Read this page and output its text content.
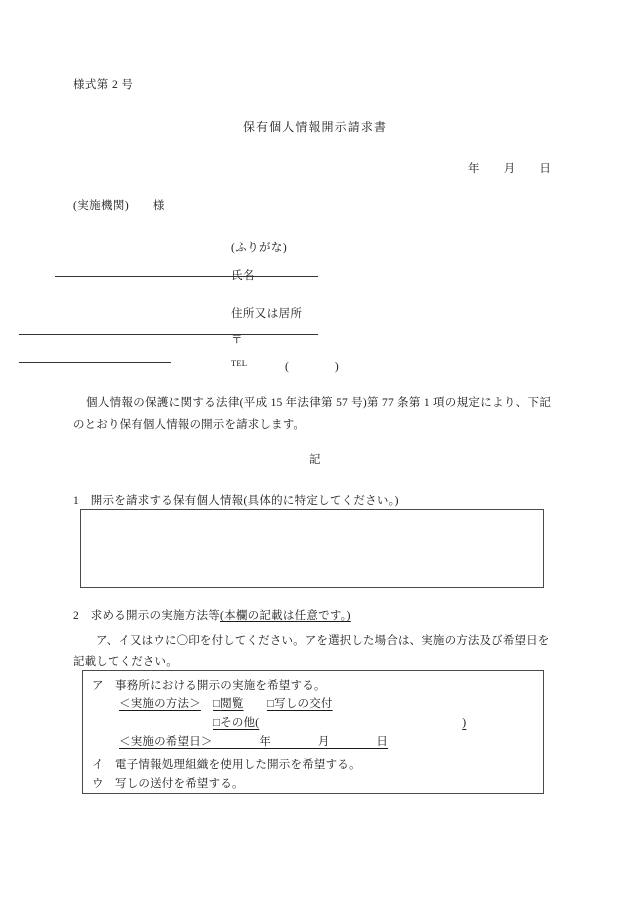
様式第 2 号
保有個人情報開示請求書
年　　月　　日
(実施機関)　　様
(ふりがな)
氏名
住所又は居所
〒
TEL	(　　　　)
個人情報の保護に関する法律(平成 15 年法律第 57 号)第 77 条第 1 項の規定により、下記のとおり保有個人情報の開示を請求します。
記
1　 開示を請求する保有個人情報(具体的に特定してください。)
2　 求める開示の実施方法等(本欄の記載は任意です。)
ア、イ又はウに〇印を付してください。アを選択した場合は、実施の方法及び希望日を記載してください。
ア 事務所における開示の実施を希望する。
＜実施の方法＞ □閲覧　　 □写しの交付
□その他(	)
＜実施の希望日＞　　　　	年　　　　月　　　　日
イ 電子情報処理組織を使用した開示を希望する。
ウ 写しの送付を希望する。
